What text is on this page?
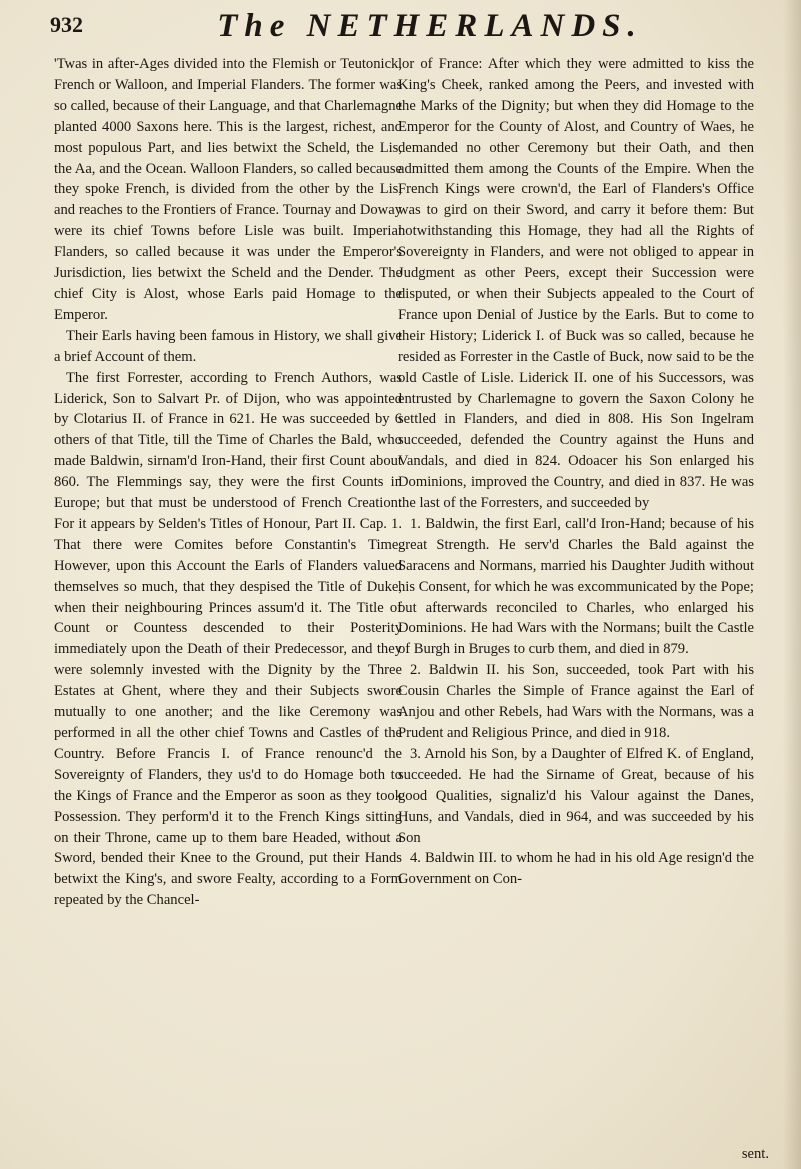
932	The NETHERLANDS.

'Twas in after-Ages divided into the Flemish or Teutonick, French or Walloon, and Imperial Flanders. The former was so called, because of their Language, and that Charlemagne planted 4000 Saxons here. This is the largest, richest, and most populous Part, and lies betwixt the Scheld, the Lis, the Aa, and the Ocean. Walloon Flanders, so called because they spoke French, is divided from the other by the Lis, and reaches to the Frontiers of France. Tournay and Doway were its chief Towns before Lisle was built. Imperial Flanders, so called because it was under the Emperor's Jurisdiction, lies betwixt the Scheld and the Dender. The chief City is Alost, whose Earls paid Homage to the Emperor.

Their Earls having been famous in History, we shall give a brief Account of them.

The first Forrester, according to French Authors, was Liderick, Son to Salvart Pr. of Dijon, who was appointed by Clotarius II. of France in 621. He was succeeded by 6 others of that Title, till the Time of Charles the Bald, who made Baldwin, sirnam'd Iron-Hand, their first Count about 860. The Flemmings say, they were the first Counts in Europe; but that must be understood of French Creation: For it appears by Selden's Titles of Honour, Part II. Cap. 1. That there were Comites before Constantin's Time. However, upon this Account the Earls of Flanders valued themselves so much, that they despised the Title of Duke, when their neighbouring Princes assum'd it. The Title of Count or Countess descended to their Posterity immediately upon the Death of their Predecessor, and they were solemnly invested with the Dignity by the Three Estates at Ghent, where they and their Subjects swore mutually to one another; and the like Ceremony was performed in all the other chief Towns and Castles of the Country. Before Francis I. of France renounc'd the Sovereignty of Flanders, they us'd to do Homage both to the Kings of France and the Emperor as soon as they took Possession. They perform'd it to the French Kings sitting on their Throne, came up to them bare Headed, without a Sword, bended their Knee to the Ground, put their Hands betwixt the King's, and swore Fealty, according to a Form repeated by the Chancel-

lor of France: After which they were admitted to kiss the King's Cheek, ranked among the Peers, and invested with the Marks of the Dignity; but when they did Homage to the Emperor for the County of Alost, and Country of Waes, he demanded no other Ceremony but their Oath, and then admitted them among the Counts of the Empire. When the French Kings were crown'd, the Earl of Flanders's Office was to gird on their Sword, and carry it before them: But notwithstanding this Homage, they had all the Rights of Sovereignty in Flanders, and were not obliged to appear in Judgment as other Peers, except their Succession were disputed, or when their Subjects appealed to the Court of France upon Denial of Justice by the Earls. But to come to their History; Liderick I. of Buck was so called, because he resided as Forrester in the Castle of Buck, now said to be the old Castle of Lisle. Liderick II. one of his Successors, was entrusted by Charlemagne to govern the Saxon Colony he settled in Flanders, and died in 808. His Son Ingelram succeeded, defended the Country against the Huns and Vandals, and died in 824. Odoacer his Son enlarged his Dominions, improved the Country, and died in 837. He was the last of the Forresters, and succeeded by

1. Baldwin, the first Earl, call'd Iron-Hand; because of his great Strength. He serv'd Charles the Bald against the Saracens and Normans, married his Daughter Judith without his Consent, for which he was excommunicated by the Pope; but afterwards reconciled to Charles, who enlarged his Dominions. He had Wars with the Normans; built the Castle of Burgh in Bruges to curb them, and died in 879.

2. Baldwin II. his Son, succeeded, took Part with his Cousin Charles the Simple of France against the Earl of Anjou and other Rebels, had Wars with the Normans, was a Prudent and Religious Prince, and died in 918.

3. Arnold his Son, by a Daughter of Elfred K. of England, succeeded. He had the Sirname of Great, because of his good Qualities, signaliz'd his Valour against the Danes, Huns, and Vandals, died in 964, and was succeeded by his Son

4. Baldwin III. to whom he had in his old Age resign'd the Government on Con-

sent.
